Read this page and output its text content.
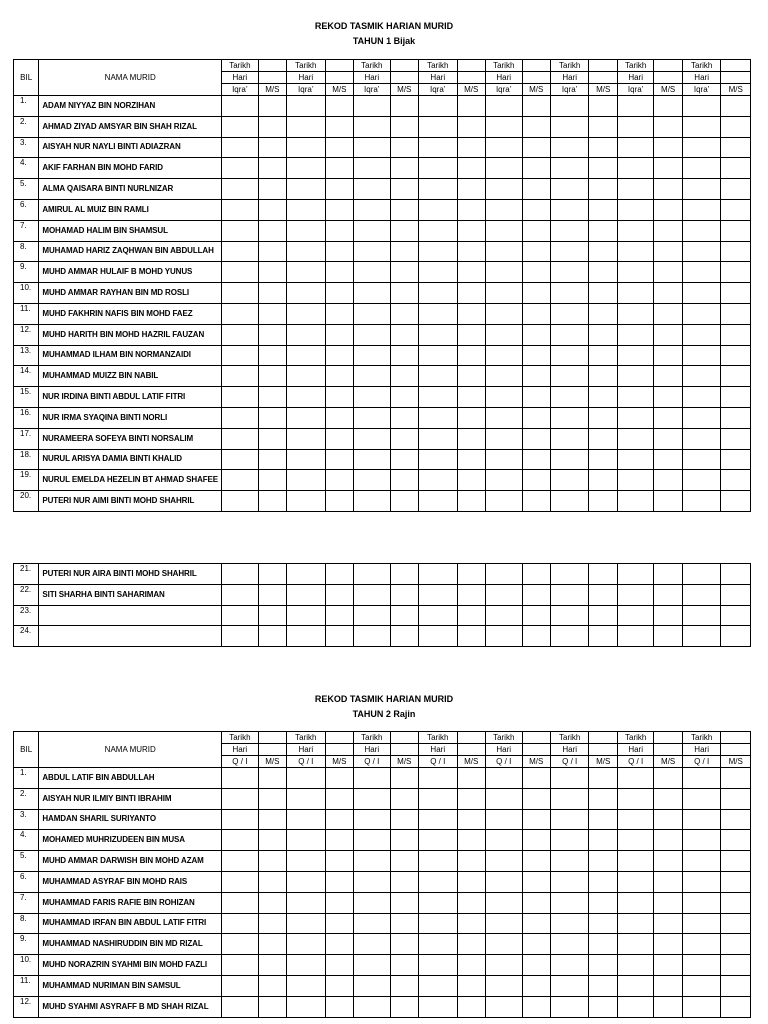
REKOD TASMIK HARIAN MURID
TAHUN 1 Bijak
BIL	NAMA MURID	Tarikh		Tarikh		Tarikh		Tarikh		Tarikh		Tarikh		Tarikh		Tarikh	
		Hari		Hari		Hari		Hari		Hari		Hari		Hari		Hari	
		Iqra’	M/S	Iqra’	M/S	Iqra’	M/S	Iqra’	M/S	Iqra’	M/S	Iqra’	M/S	Iqra’	M/S	Iqra’	M/S
1.	ADAM NIYYAZ BIN NORZIHAN																
2.	AHMAD ZIYAD AMSYAR BIN SHAH RIZAL																
3.	AISYAH NUR NAYLI BINTI ADIAZRAN																
4.	AKIF FARHAN BIN MOHD FARID																
5.	ALMA QAISARA BINTI NURLNIZAR																
6.	AMIRUL AL MUIZ BIN RAMLI																
7.	MOHAMAD HALIM BIN SHAMSUL																
8.	MUHAMAD HARIZ ZAQHWAN BIN ABDULLAH																
9.	MUHD AMMAR HULAIF B MOHD YUNUS																
10.	MUHD AMMAR RAYHAN BIN MD ROSLI																
11.	MUHD FAKHRIN NAFIS BIN MOHD FAEZ																
12.	MUHD HARITH BIN MOHD HAZRIL FAUZAN																
13.	MUHAMMAD ILHAM BIN NORMANZAIDI																
14.	MUHAMMAD MUIZZ BIN NABIL																
15.	NUR IRDINA BINTI ABDUL LATIF FITRI																
16.	NUR IRMA SYAQINA BINTI NORLI																
17.	NURAMEERA SOFEYA BINTI NORSALIM																
18.	NURUL ARISYA DAMIA BINTI KHALID																
19.	NURUL EMELDA HEZELIN BT AHMAD SHAFEE																
20.	PUTERI NUR AIMI BINTI MOHD SHAHRIL																
21.	PUTERI NUR AIRA BINTI MOHD SHAHRIL																
22.	SITI SHARHA BINTI SAHARIMAN																
23.																	
24.																	
REKOD TASMIK HARIAN MURID
TAHUN 2 Rajin
BIL	NAMA MURID	Tarikh		Tarikh		Tarikh		Tarikh		Tarikh		Tarikh		Tarikh		Tarikh	
		Hari		Hari		Hari		Hari		Hari		Hari		Hari		Hari	
		Q / I	M/S	Q / I	M/S	Q / I	M/S	Q / I	M/S	Q / I	M/S	Q / I	M/S	Q / I	M/S	Q / I	M/S
1.	ABDUL LATIF BIN ABDULLAH																
2.	AISYAH NUR ILMIY BINTI IBRAHIM																
3.	HAMDAN SHARIL SURIYANTO																
4.	MOHAMED MUHRIZUDEEN BIN MUSA																
5.	MUHD AMMAR DARWISH BIN MOHD AZAM																
6.	MUHAMMAD ASYRAF BIN MOHD RAIS																
7.	MUHAMMAD FARIS RAFIE BIN ROHIZAN																
8.	MUHAMMAD IRFAN BIN ABDUL LATIF FITRI																
9.	MUHAMMAD NASHIRUDDIN BIN MD RIZAL																
10.	MUHD NORAZRIN SYAHMI BIN MOHD FAZLI																
11.	MUHAMMAD NURIMAN BIN SAMSUL																
12.	MUHD SYAHMI ASYRAFF B MD SHAH RIZAL																
